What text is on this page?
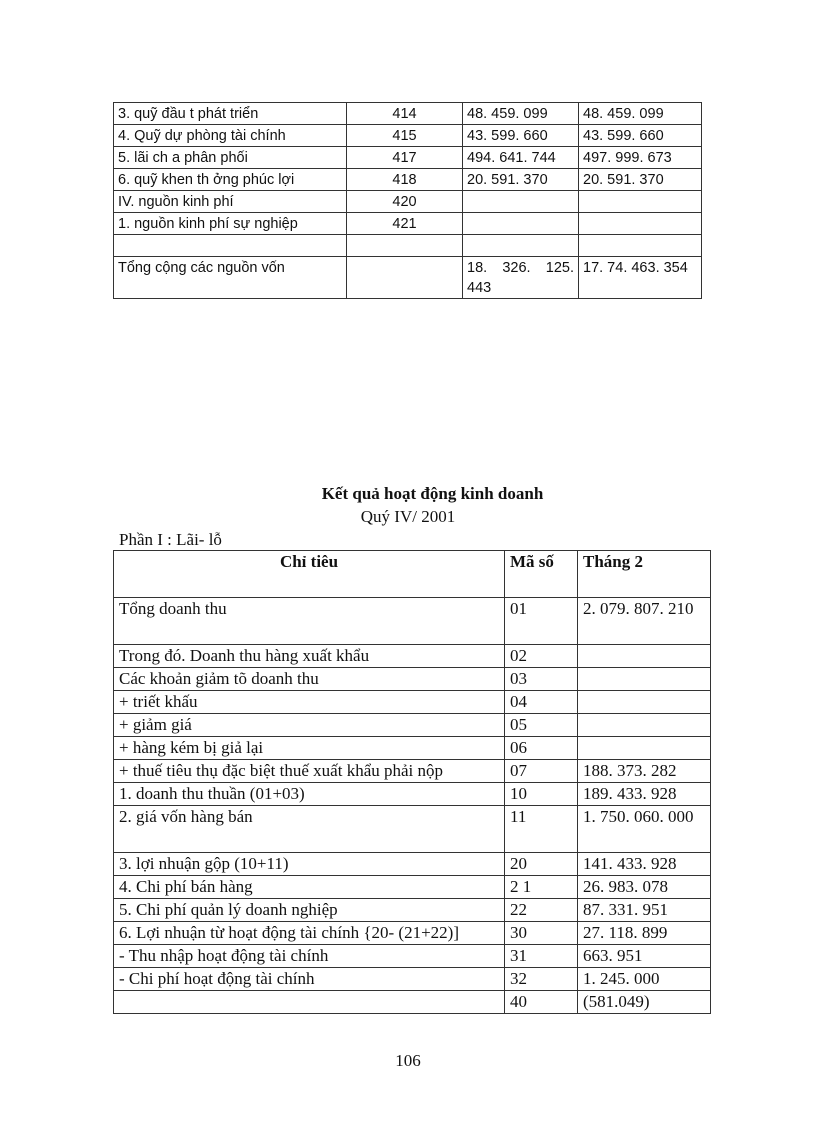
3. quỹ đầu t phát triển	414	48. 459. 099	48. 459. 099
4. Quỹ dự phòng tài chính	415	43. 599. 660	43. 599. 660
5. lãi ch a phân phối	417	494. 641. 744	497. 999. 673
6. quỹ khen th ởng phúc lợi	418	20. 591. 370	20. 591. 370
IV. nguồn kinh phí	420		
1. nguồn kinh phí sự nghiệp	421		

Tổng cộng các nguồn vốn		18. 326. 125. 443	17. 74. 463. 354
Kết quả hoạt động kinh doanh
Quý IV/ 2001
Phần I : Lãi- lỗ
Chỉ tiêu	Mã số	Tháng 2
Tổng doanh thu	01	2. 079. 807. 210

Trong đó. Doanh thu hàng xuất khẩu	02	
Các khoản giảm tõ doanh thu	03	
+ triết khấu	04	
+ giảm giá	05	
+ hàng kém bị giả lại	06	
+ thuế tiêu thụ đặc biệt thuế xuất khẩu phải nộp	07	188. 373. 282
1. doanh thu thuần (01+03)	10	189. 433. 928
2. giá vốn hàng bán	11	1. 750. 060. 000

3. lợi nhuận gộp (10+11)	20	141. 433. 928
4. Chi phí bán hàng	2 1	26. 983. 078
5. Chi phí quản lý doanh nghiệp	22	87. 331. 951
6. Lợi nhuận từ hoạt động tài chính {20- (21+22)]	30	27. 118. 899
- Thu nhập hoạt động tài chính	31	663. 951
- Chi phí hoạt động tài chính	32	1. 245. 000
	40	(581.049)
106
